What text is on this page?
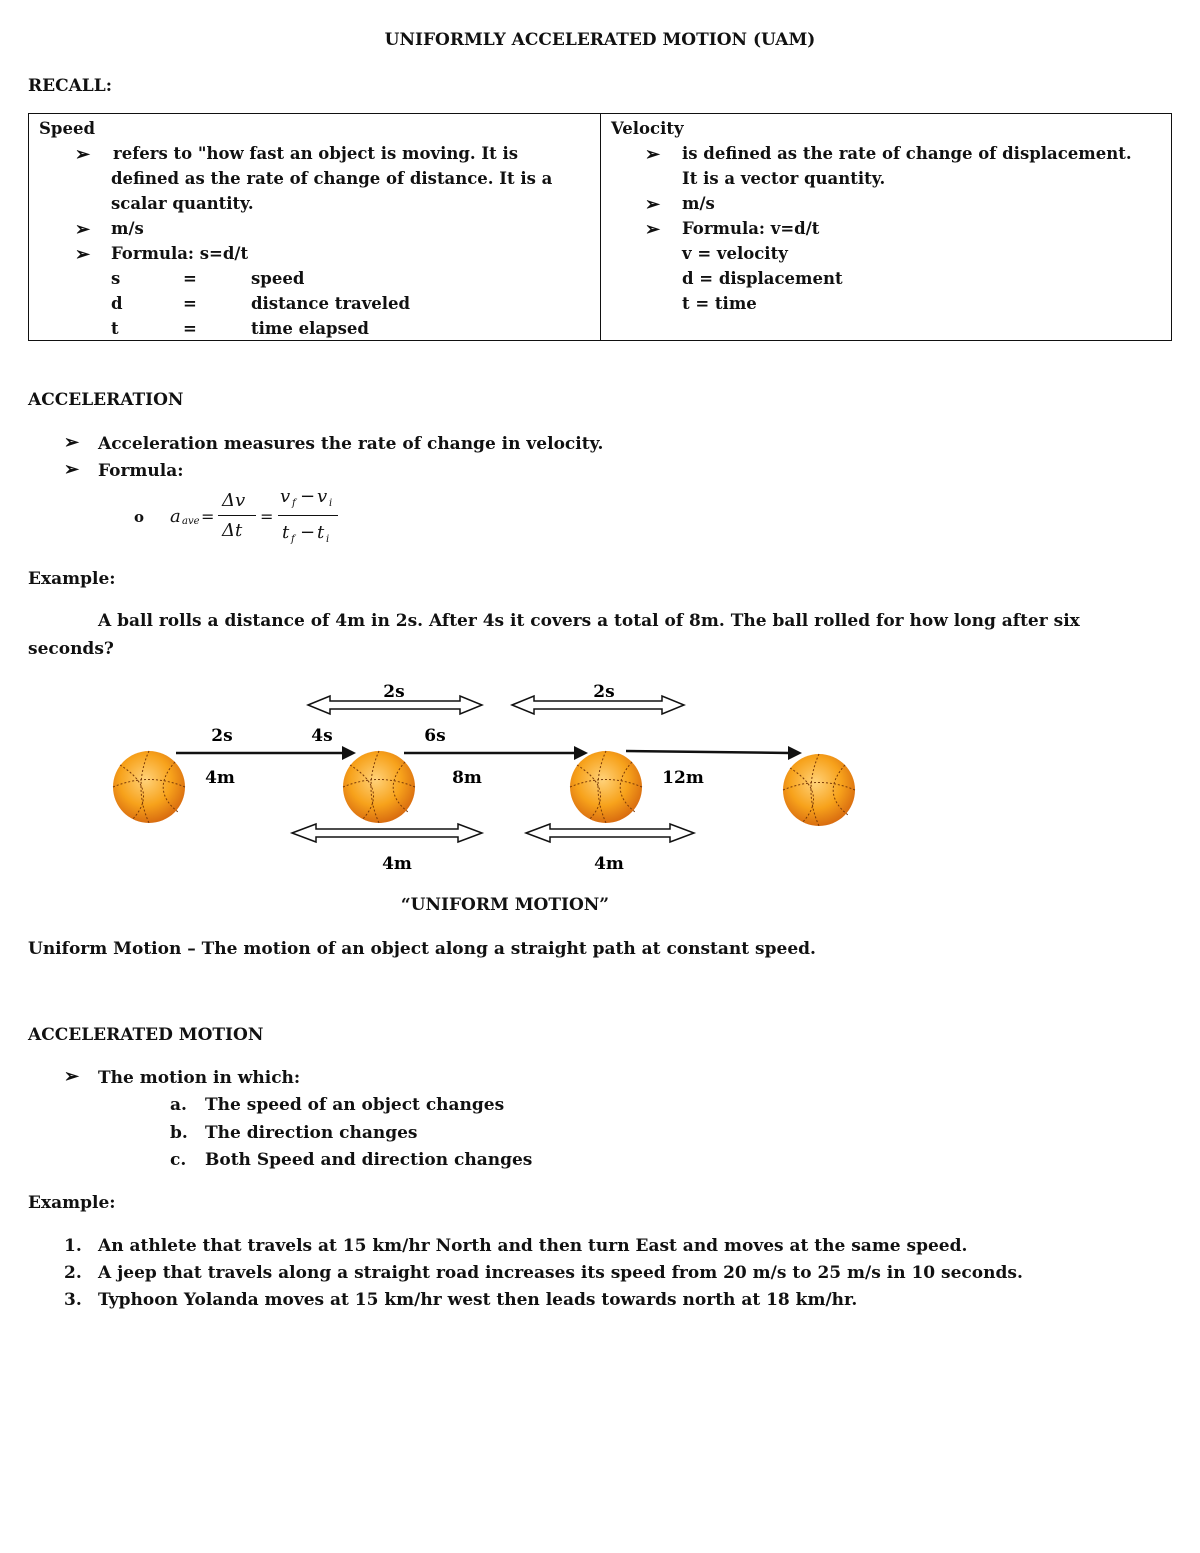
UNIFORMLY ACCELERATED MOTION (UAM)
RECALL:
Speed
➢ refers to "how fast an object is moving. It is
defined as the rate of change of distance. It is a
scalar quantity.
➢ m/s
➢ Formula: s=d/t
s	=	speed
d	=	distance traveled
t	=	time elapsed
Velocity
➢ is defined as the rate of change of displacement.
It is a vector quantity.
➢ m/s
➢ Formula: v=d/t
v = velocity
d = displacement
t = time
ACCELERATION
➢ Acceleration measures the rate of change in velocity.
➢ Formula:
o a ave =
Δv
Δt
=
v f − v i
t f − t i
Example:
A ball rolls a distance of 4m in 2s. After 4s it covers a total of 8m. The ball rolled for how long after six
seconds?
2s	2s
2s	4s	6s
4m	8m	12m
4m	4m
“UNIFORM MOTION”
Uniform Motion – The motion of an object along a straight path at constant speed.
ACCELERATED MOTION
➢ The motion in which:
a. The speed of an object changes
b. The direction changes
c. Both Speed and direction changes
Example:
1. An athlete that travels at 15 km/hr North and then turn East and moves at the same speed.
2. A jeep that travels along a straight road increases its speed from 20 m/s to 25 m/s in 10 seconds.
3. Typhoon Yolanda moves at 15 km/hr west then leads towards north at 18 km/hr.
